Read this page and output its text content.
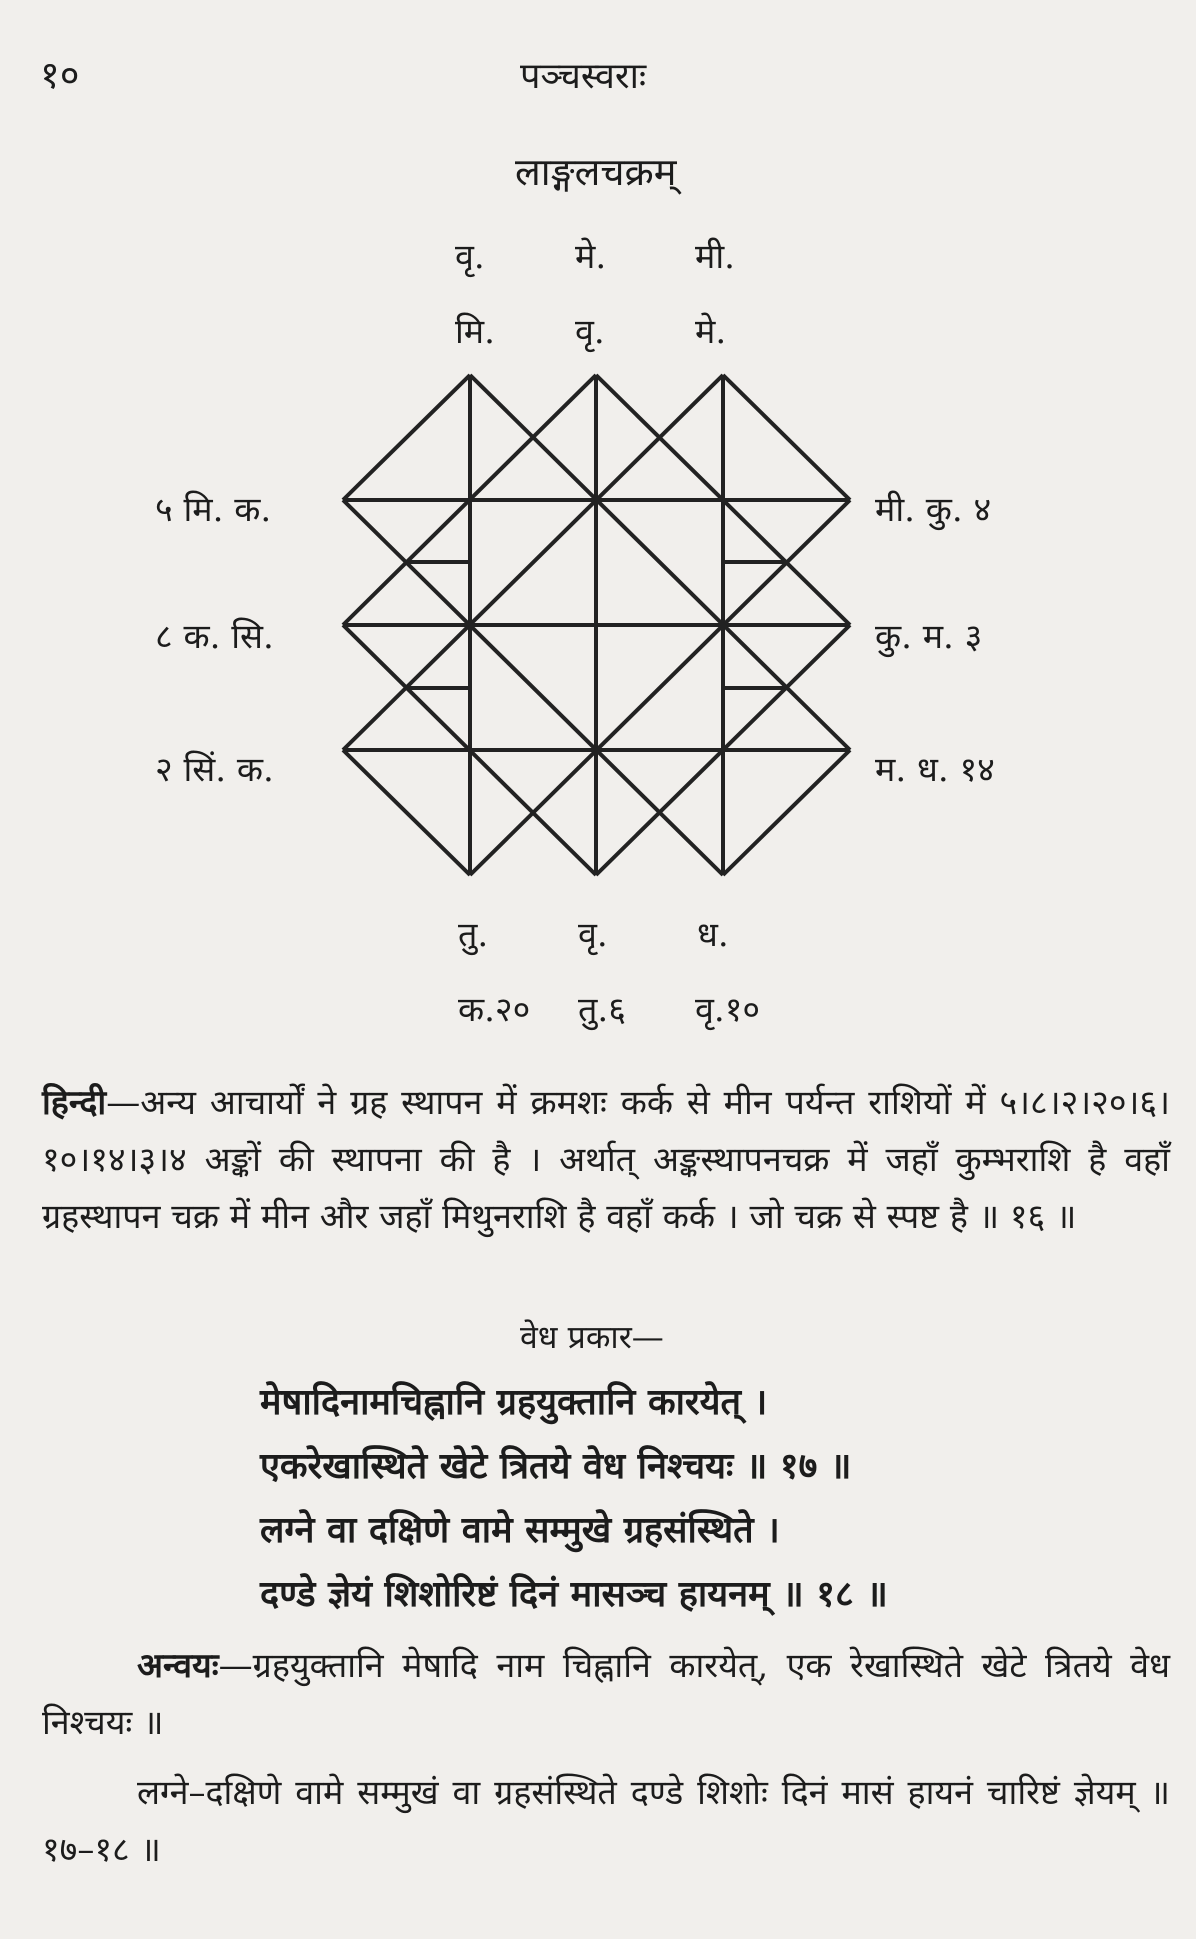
१०	पञ्चस्वराः
लाङ्गलचक्रम्
वृ.	मे.	मी.
मि. वृ.	मे.
५ मि. क.
८ क. सि.
२ सिं. क.
मी. कु. ४
कु. म. ३
म. ध. १४
तु.	वृ.	ध.
क.२० तु.६ वृ.१०
हिन्दी—अन्य आचार्यों ने ग्रह स्थापन में क्रमशः कर्क से मीन पर्यन्त राशियों में ५।८।२।२०।६।१०।१४।३।४ अङ्कों की स्थापना की है । अर्थात् अङ्कस्थापनचक्र में जहाँ कुम्भराशि है वहाँ ग्रहस्थापन चक्र में मीन और जहाँ मिथुनराशि है वहाँ कर्क । जो चक्र से स्पष्ट है ॥ १६ ॥
वेध प्रकार—
मेषादिनामचिह्नानि ग्रहयुक्तानि कारयेत् ।
एकरेखास्थिते खेटे त्रितये वेध निश्चयः ॥ १७ ॥
लग्ने वा दक्षिणे वामे सम्मुखे ग्रहसंस्थिते ।
दण्डे ज्ञेयं शिशोरिष्टं दिनं मासञ्च हायनम् ॥ १८ ॥
अन्वयः—ग्रहयुक्तानि मेषादि नाम चिह्नानि कारयेत्, एक रेखास्थिते खेटे त्रितये वेध निश्चयः ॥
लग्ने–दक्षिणे वामे सम्मुखं वा ग्रहसंस्थिते दण्डे शिशोः दिनं मासं हायनं चारिष्टं ज्ञेयम् ॥ १७–१८ ॥
